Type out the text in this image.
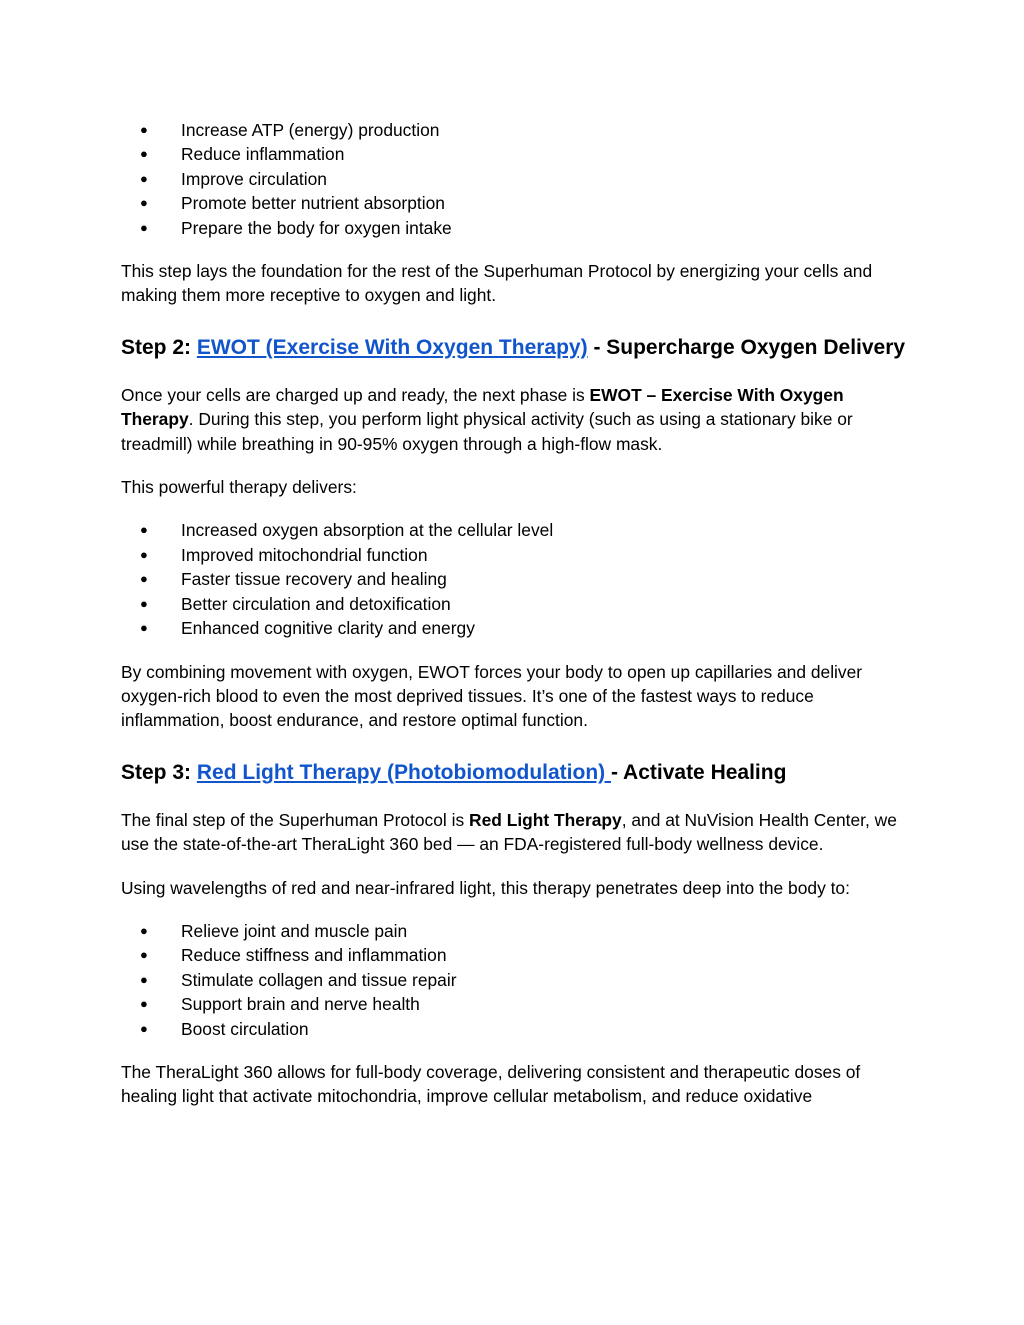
● Increase ATP (energy) production
● Reduce inflammation
● Improve circulation
● Promote better nutrient absorption
● Prepare the body for oxygen intake

This step lays the foundation for the rest of the Superhuman Protocol by energizing your cells and making them more receptive to oxygen and light.

Step 2: EWOT (Exercise With Oxygen Therapy) - Supercharge Oxygen Delivery

Once your cells are charged up and ready, the next phase is EWOT – Exercise With Oxygen Therapy. During this step, you perform light physical activity (such as using a stationary bike or treadmill) while breathing in 90-95% oxygen through a high-flow mask.

This powerful therapy delivers:

● Increased oxygen absorption at the cellular level
● Improved mitochondrial function
● Faster tissue recovery and healing
● Better circulation and detoxification
● Enhanced cognitive clarity and energy

By combining movement with oxygen, EWOT forces your body to open up capillaries and deliver oxygen-rich blood to even the most deprived tissues. It’s one of the fastest ways to reduce inflammation, boost endurance, and restore optimal function.

Step 3: Red Light Therapy (Photobiomodulation) - Activate Healing

The final step of the Superhuman Protocol is Red Light Therapy, and at NuVision Health Center, we use the state-of-the-art TheraLight 360 bed — an FDA-registered full-body wellness device.

Using wavelengths of red and near-infrared light, this therapy penetrates deep into the body to:

● Relieve joint and muscle pain
● Reduce stiffness and inflammation
● Stimulate collagen and tissue repair
● Support brain and nerve health
● Boost circulation

The TheraLight 360 allows for full-body coverage, delivering consistent and therapeutic doses of healing light that activate mitochondria, improve cellular metabolism, and reduce oxidative
